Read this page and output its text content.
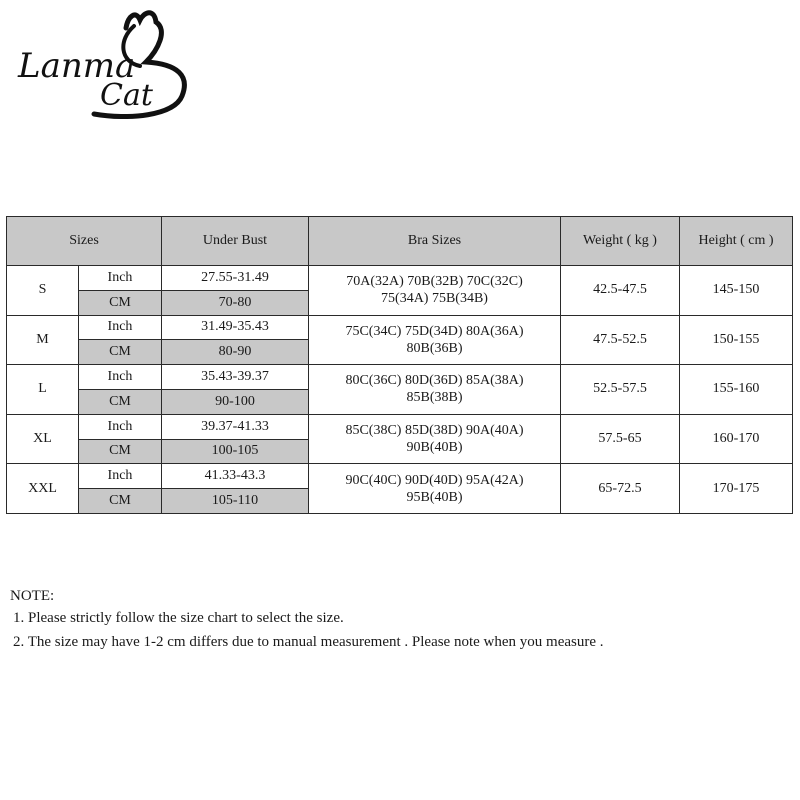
Lanma
Cat
Sizes		Under Bust	Bra Sizes	Weight ( kg )	Height ( cm )
S	Inch	27.55-31.49	70A(32A) 70B(32B) 70C(32C)
75(34A) 75B(34B)	42.5-47.5	145-150
	CM	70-80			
M	Inch	31.49-35.43	75C(34C) 75D(34D) 80A(36A)
80B(36B)	47.5-52.5	150-155
	CM	80-90			
L	Inch	35.43-39.37	80C(36C) 80D(36D) 85A(38A)
85B(38B)	52.5-57.5	155-160
	CM	90-100			
XL	Inch	39.37-41.33	85C(38C) 85D(38D) 90A(40A)
90B(40B)	57.5-65	160-170
	CM	100-105			
XXL	Inch	41.33-43.3	90C(40C) 90D(40D) 95A(42A)
95B(40B)	65-72.5	170-175
	CM	105-110			
NOTE:
1. Please strictly follow the size chart to select the size.
2. The size may have 1-2 cm differs due to manual measurement . Please note when you measure .
